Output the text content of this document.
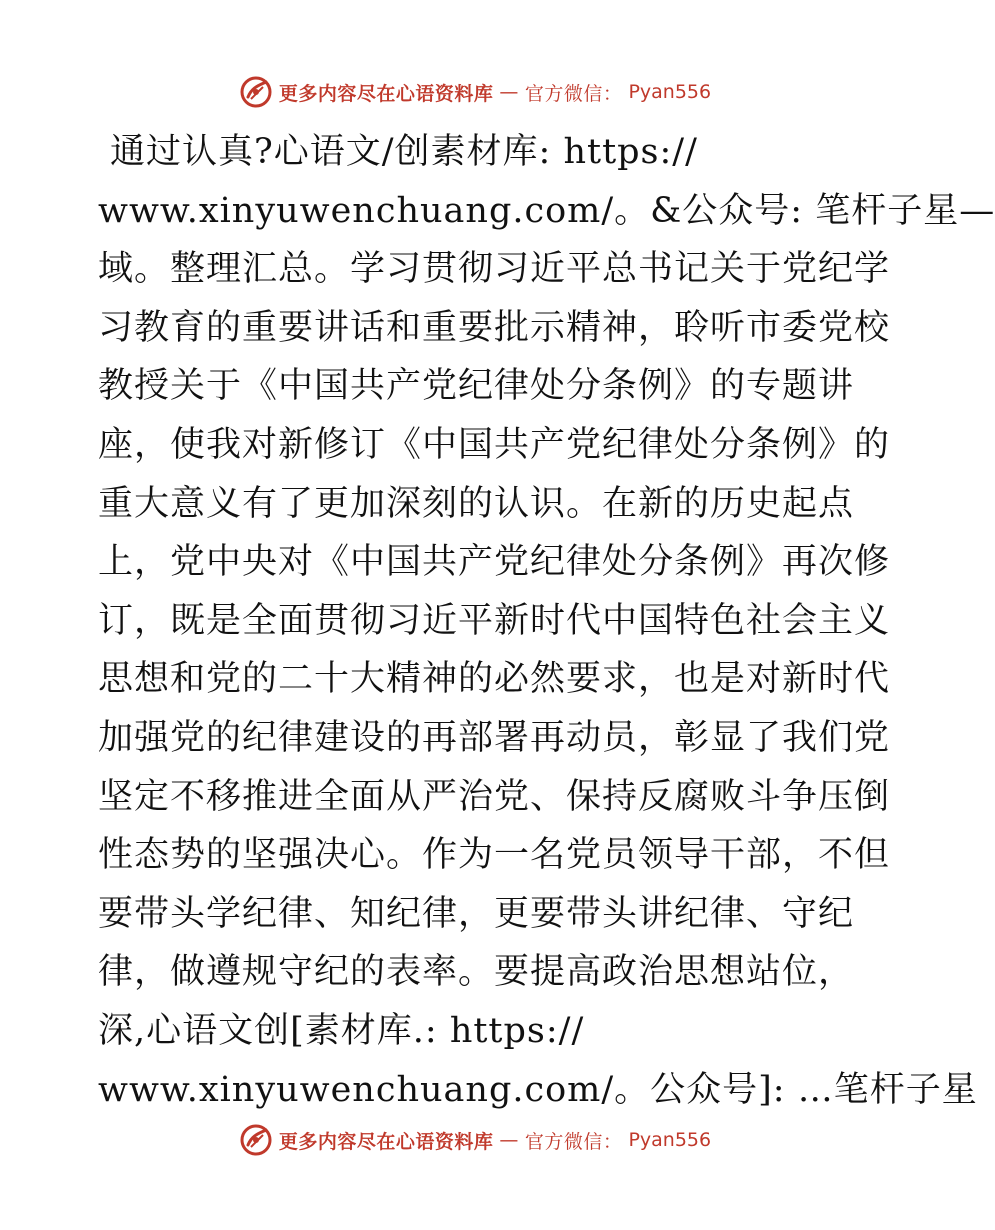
更多内容尽在心语资料库 — 官方微信： Pyan556
通过认真?心语文/创素材库: https://
www.xinyuwenchuang.com/。&公众号: 笔杆子星—
域。整理汇总。学习贯彻习近平总书记关于党纪学
习教育的重要讲话和重要批示精神，聆听市委党校
教授关于《中国共产党纪律处分条例》的专题讲
座，使我对新修订《中国共产党纪律处分条例》的
重大意义有了更加深刻的认识。在新的历史起点
上，党中央对《中国共产党纪律处分条例》再次修
订，既是全面贯彻习近平新时代中国特色社会主义
思想和党的二十大精神的必然要求，也是对新时代
加强党的纪律建设的再部署再动员，彰显了我们党
坚定不移推进全面从严治党、保持反腐败斗争压倒
性态势的坚强决心。作为一名党员领导干部，不但
要带头学纪律、知纪律，更要带头讲纪律、守纪
律，做遵规守纪的表率。要提高政治思想站位，
深,心语文创[素材库.: https://
www.xinyuwenchuang.com/。公众号]: …笔杆子星
更多内容尽在心语资料库 — 官方微信： Pyan556
